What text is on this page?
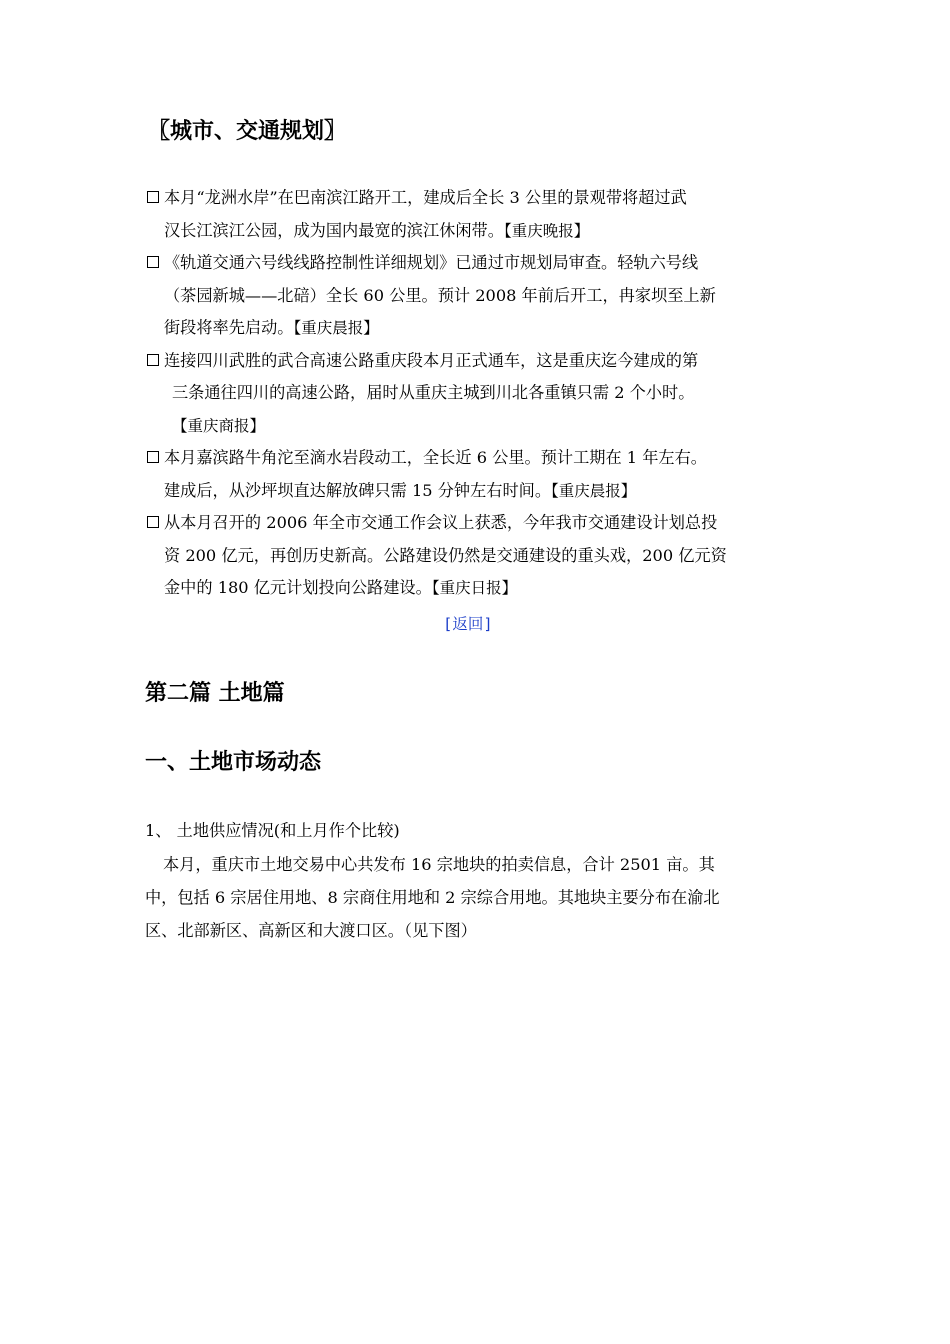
〖城市、交通规划〗
本月“龙洲水岸”在巴南滨江路开工，建成后全长 3 公里的景观带将超过武
汉长江滨江公园，成为国内最宽的滨江休闲带。【重庆晚报】
《轨道交通六号线线路控制性详细规划》已通过市规划局审查。轻轨六号线
（茶园新城——北碚）全长 60 公里。预计 2008 年前后开工，冉家坝至上新
街段将率先启动。【重庆晨报】
连接四川武胜的武合高速公路重庆段本月正式通车，这是重庆迄今建成的第
三条通往四川的高速公路，届时从重庆主城到川北各重镇只需 2 个小时。
【重庆商报】
本月嘉滨路牛角沱至滴水岩段动工，全长近 6 公里。预计工期在 1 年左右。
建成后，从沙坪坝直达解放碑只需 15 分钟左右时间。【重庆晨报】
从本月召开的 2006 年全市交通工作会议上获悉，今年我市交通建设计划总投
资 200 亿元，再创历史新高。公路建设仍然是交通建设的重头戏，200 亿元资
金中的 180 亿元计划投向公路建设。【重庆日报】
[返回]
第二篇 土地篇
一、土地市场动态
1、 土地供应情况(和上月作个比较)
本月，重庆市土地交易中心共发布 16 宗地块的拍卖信息，合计 2501 亩。其
中，包括 6 宗居住用地、8 宗商住用地和 2 宗综合用地。其地块主要分布在渝北
区、北部新区、高新区和大渡口区。（见下图）
